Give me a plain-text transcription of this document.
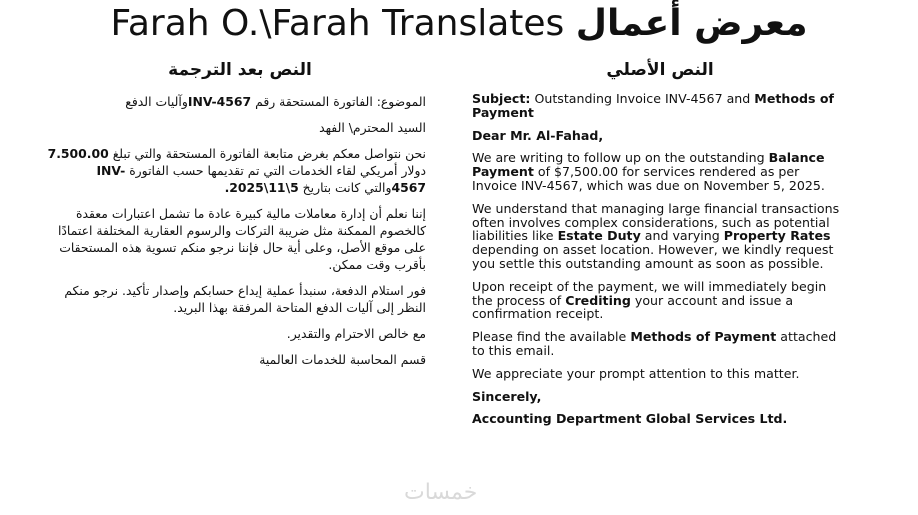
Farah O.\Farah Translates معرض أعمال
النص الأصلي
النص بعد الترجمة

Subject: Outstanding Invoice INV-4567 and Methods of Payment

Dear Mr. Al-Fahad,

We are writing to follow up on the outstanding Balance Payment of $7,500.00 for services rendered as per Invoice INV-4567, which was due on November 5, 2025.

We understand that managing large financial transactions often involves complex considerations, such as potential liabilities like Estate Duty and varying Property Rates depending on asset location. However, we kindly request you settle this outstanding amount as soon as possible.

Upon receipt of the payment, we will immediately begin the process of Crediting your account and issue a confirmation receipt.

Please find the available Methods of Payment attached to this email.

We appreciate your prompt attention to this matter.

Sincerely,

Accounting Department Global Services Ltd.

الموضوع: الفاتورة المستحقة رقم INV-4567وآليات الدفع

السيد المحترم\ الفهد

نحن نتواصل معكم بغرض متابعة الفاتورة المستحقة والتي تبلغ 7.500.00 دولار أمريكي لقاء الخدمات التي تم تقديمها حسب الفاتورة INV-4567والتي كانت بتاريخ 5\11\2025.

إننا نعلم أن إدارة معاملات مالية كبيرة عادة ما تشمل اعتبارات معقدة كالخصوم الممكنة مثل ضريبة التركات والرسوم العقارية المختلفة اعتمادًا على موقع الأصل، وعلى أية حال فإننا نرجو منكم تسوية هذه المستحقات بأقرب وقت ممكن.

فور استلام الدفعة، سنبدأ عملية إيداع حسابكم وإصدار تأكيد. نرجو منكم النظر إلى آليات الدفع المتاحة المرفقة بهذا البريد.

مع خالص الاحترام والتقدير.

قسم المحاسبة للخدمات العالمية

خمسات
